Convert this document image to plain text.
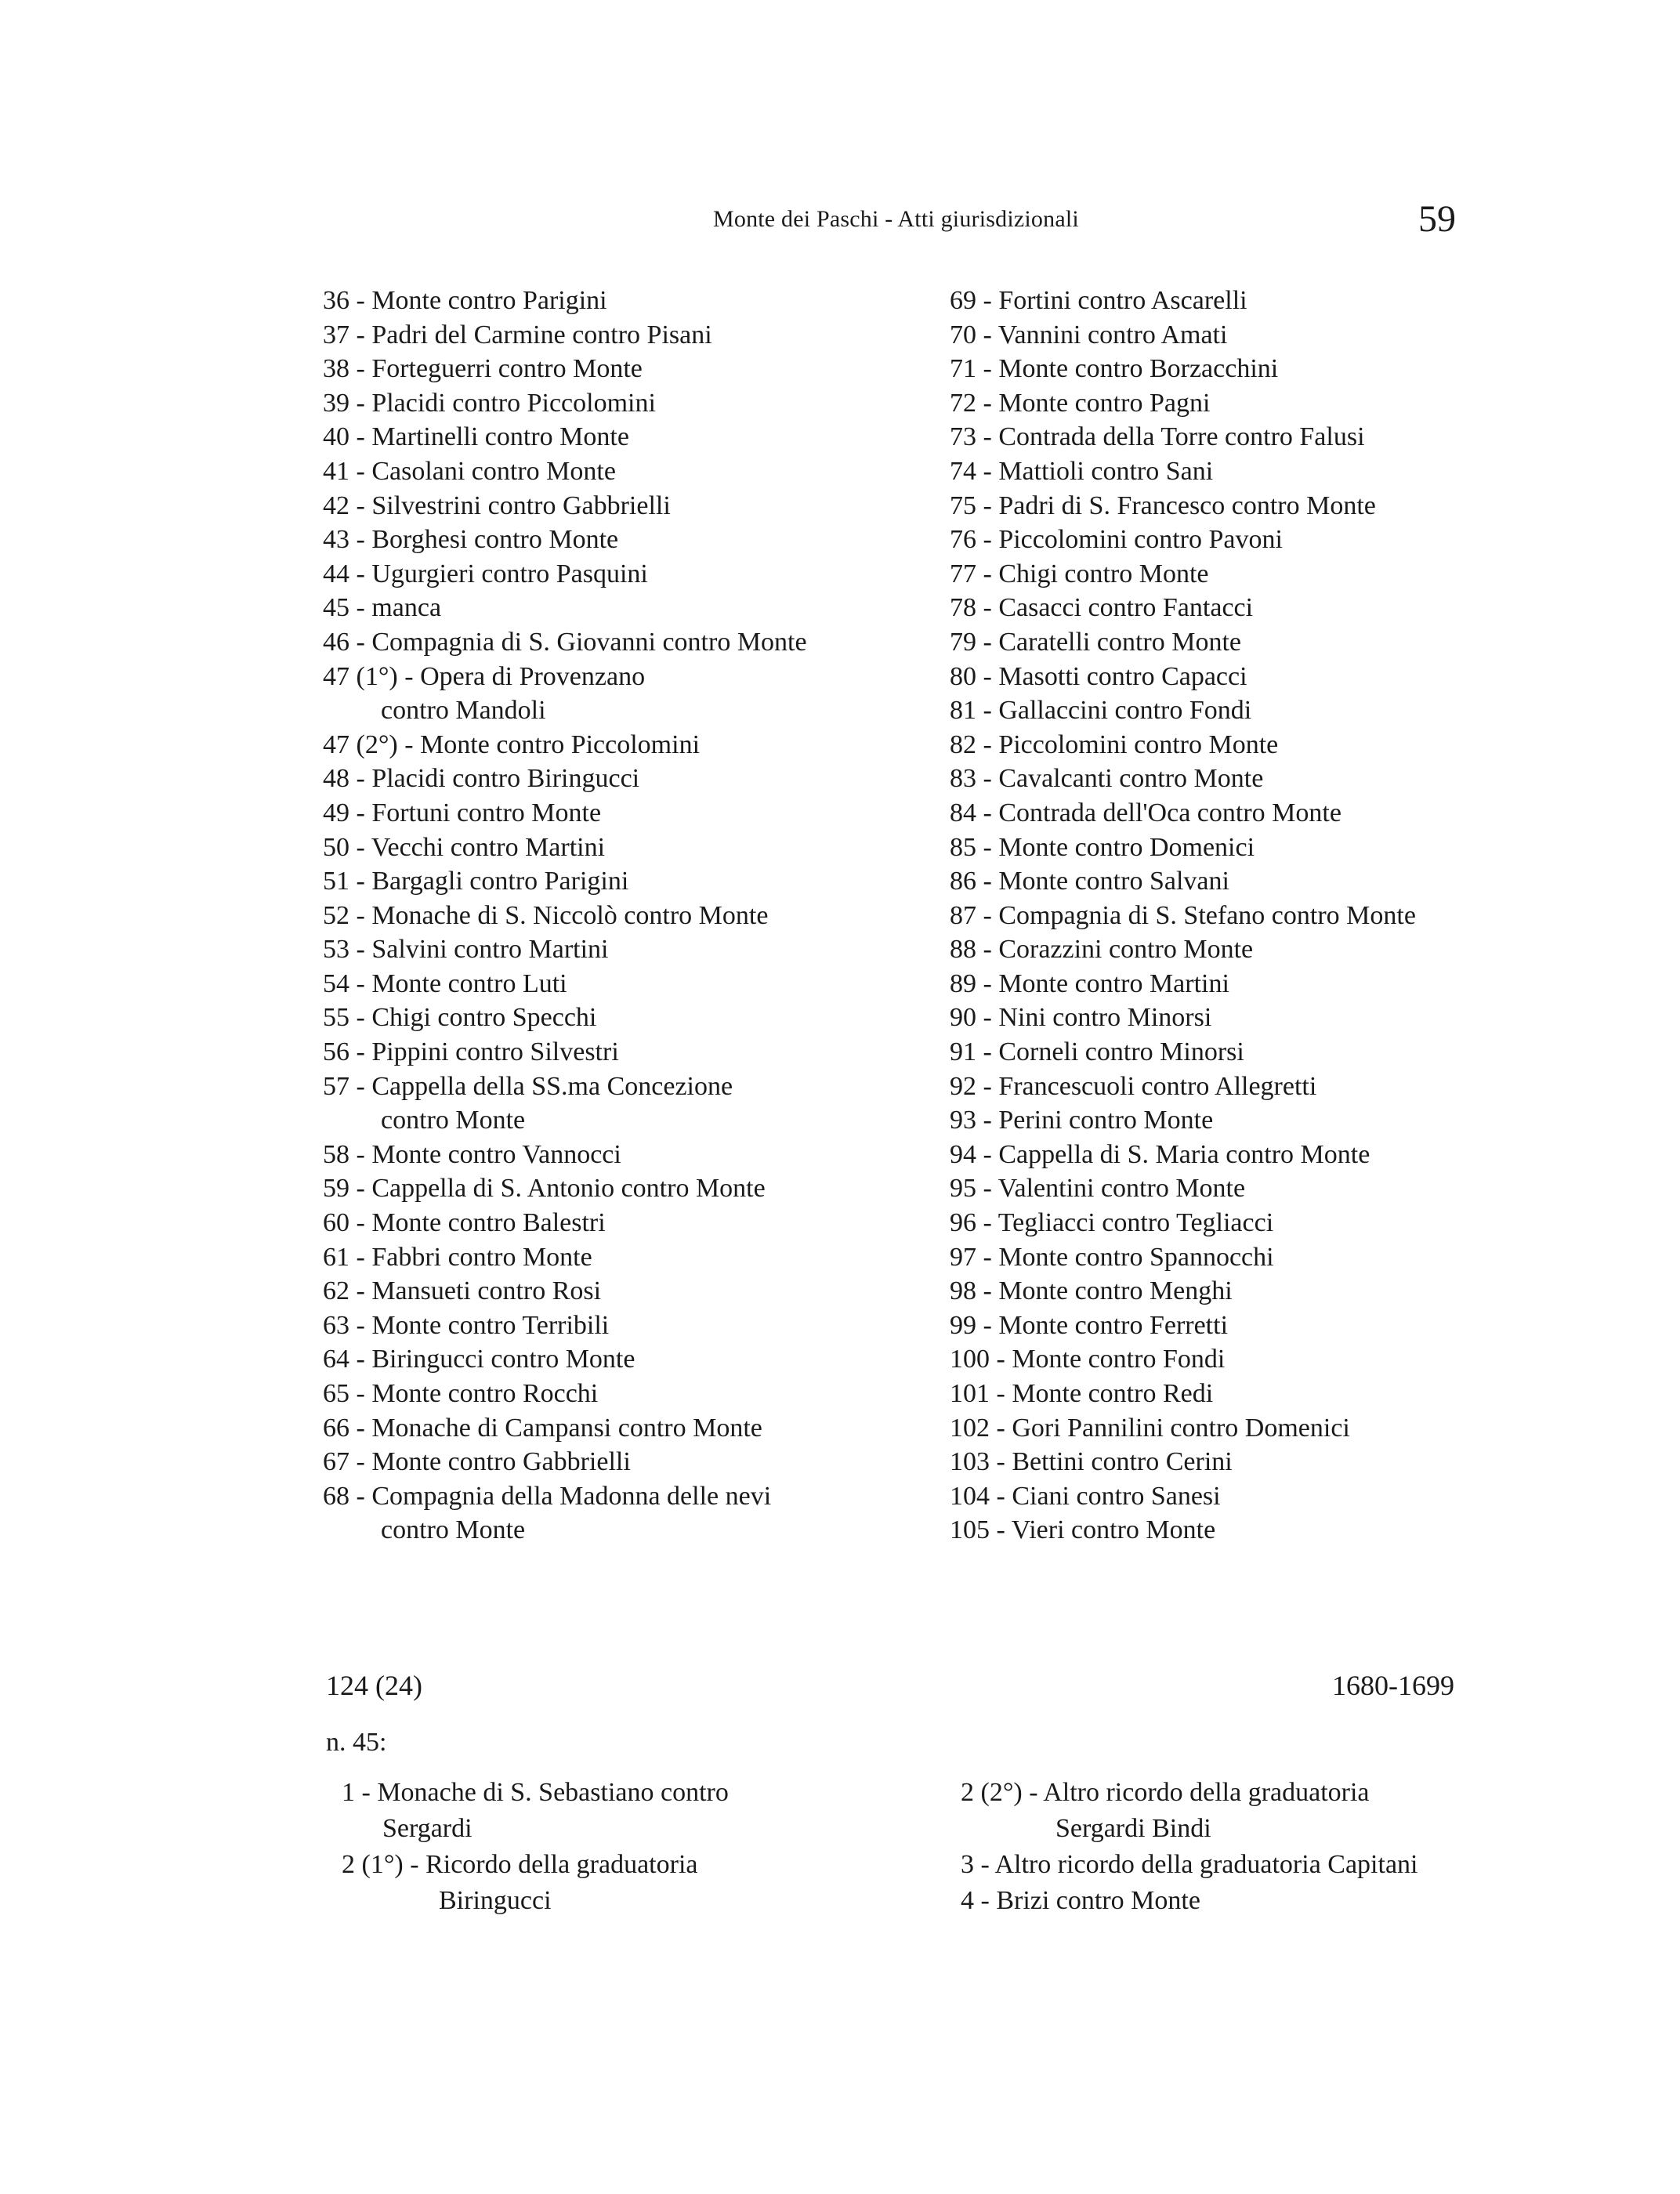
Monte dei Paschi - Atti giurisdizionali	59
36 - Monte contro Parigini
37 - Padri del Carmine contro Pisani
38 - Forteguerri contro Monte
39 - Placidi contro Piccolomini
40 - Martinelli contro Monte
41 - Casolani contro Monte
42 - Silvestrini contro Gabbrielli
43 - Borghesi contro Monte
44 - Ugurgieri contro Pasquini
45 - manca
46 - Compagnia di S. Giovanni contro Monte
47 (1°) - Opera di Provenzano
contro Mandoli
47 (2°) - Monte contro Piccolomini
48 - Placidi contro Biringucci
49 - Fortuni contro Monte
50 - Vecchi contro Martini
51 - Bargagli contro Parigini
52 - Monache di S. Niccolò contro Monte
53 - Salvini contro Martini
54 - Monte contro Luti
55 - Chigi contro Specchi
56 - Pippini contro Silvestri
57 - Cappella della SS.ma Concezione
contro Monte
58 - Monte contro Vannocci
59 - Cappella di S. Antonio contro Monte
60 - Monte contro Balestri
61 - Fabbri contro Monte
62 - Mansueti contro Rosi
63 - Monte contro Terribili
64 - Biringucci contro Monte
65 - Monte contro Rocchi
66 - Monache di Campansi contro Monte
67 - Monte contro Gabbrielli
68 - Compagnia della Madonna delle nevi
contro Monte
69 - Fortini contro Ascarelli
70 - Vannini contro Amati
71 - Monte contro Borzacchini
72 - Monte contro Pagni
73 - Contrada della Torre contro Falusi
74 - Mattioli contro Sani
75 - Padri di S. Francesco contro Monte
76 - Piccolomini contro Pavoni
77 - Chigi contro Monte
78 - Casacci contro Fantacci
79 - Caratelli contro Monte
80 - Masotti contro Capacci
81 - Gallaccini contro Fondi
82 - Piccolomini contro Monte
83 - Cavalcanti contro Monte
84 - Contrada dell'Oca contro Monte
85 - Monte contro Domenici
86 - Monte contro Salvani
87 - Compagnia di S. Stefano contro Monte
88 - Corazzini contro Monte
89 - Monte contro Martini
90 - Nini contro Minorsi
91 - Corneli contro Minorsi
92 - Francescuoli contro Allegretti
93 - Perini contro Monte
94 - Cappella di S. Maria contro Monte
95 - Valentini contro Monte
96 - Tegliacci contro Tegliacci
97 - Monte contro Spannocchi
98 - Monte contro Menghi
99 - Monte contro Ferretti
100 - Monte contro Fondi
101 - Monte contro Redi
102 - Gori Pannilini contro Domenici
103 - Bettini contro Cerini
104 - Ciani contro Sanesi
105 - Vieri contro Monte
124 (24)	1680-1699
n. 45:
1 - Monache di S. Sebastiano contro
Sergardi
2 (1°) - Ricordo della graduatoria
Biringucci
2 (2°) - Altro ricordo della graduatoria
Sergardi Bindi
3 - Altro ricordo della graduatoria Capitani
4 - Brizi contro Monte
